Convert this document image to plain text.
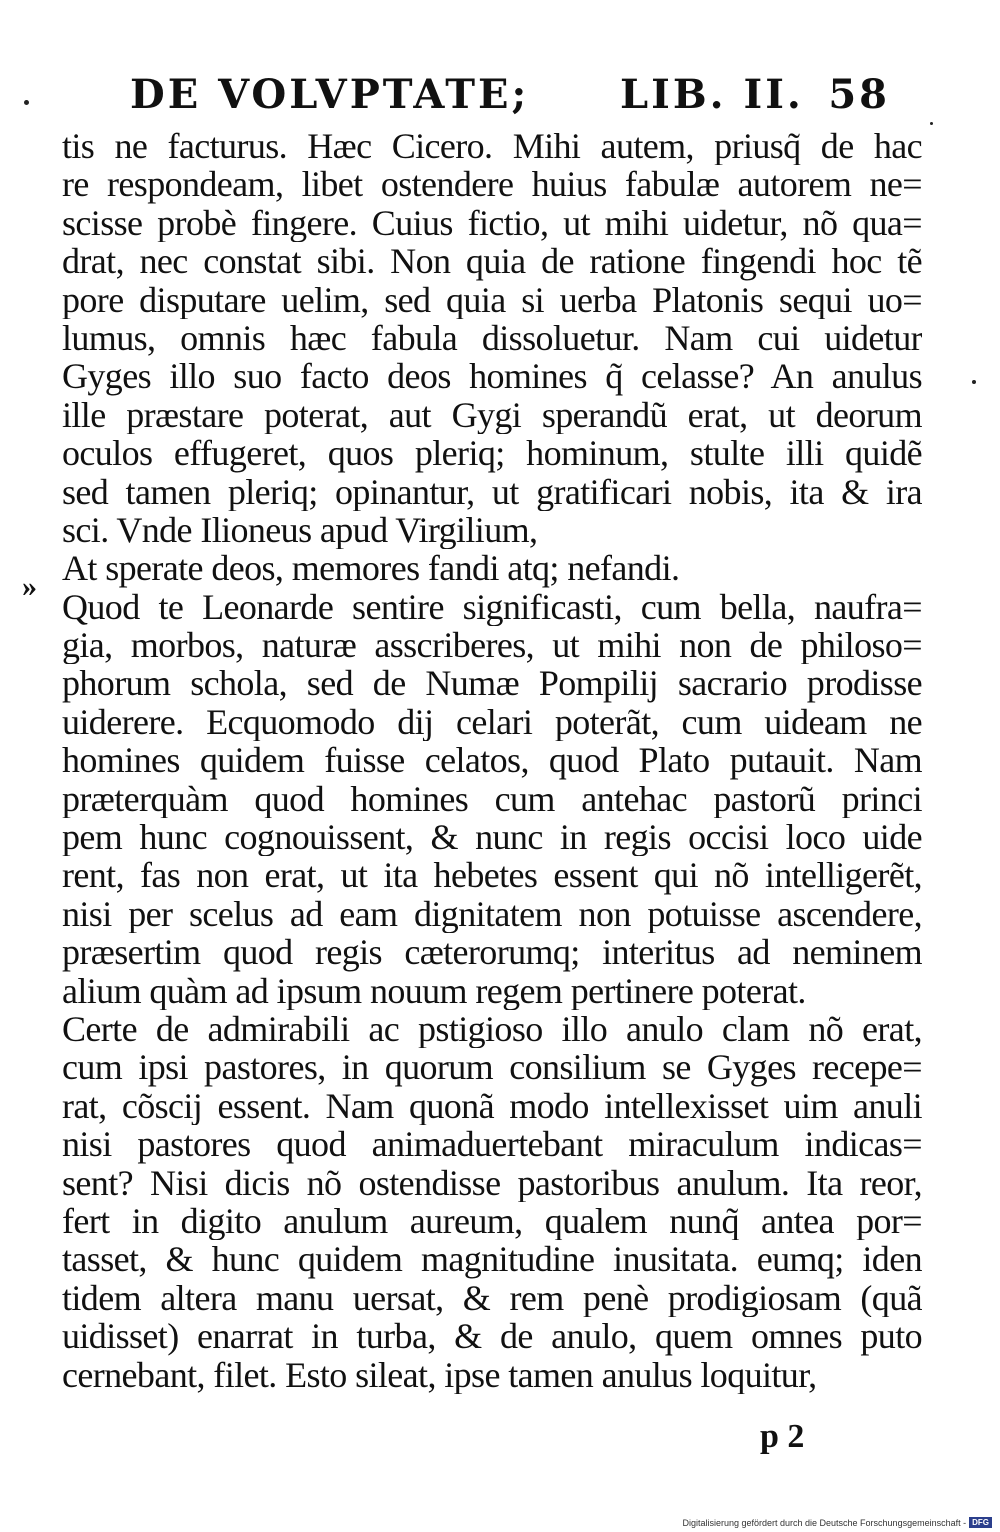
DE VOLVPTATE; LIB. II. 58
»
tis ne facturus. Hæc Cicero. Mihi autem, priusq̃ de hac
re respondeam, libet ostendere huius fabulæ autorem ne=
scisse probè fingere. Cuius fictio, ut mihi uidetur, nõ qua=
drat, nec constat sibi. Non quia de ratione fingendi hoc tẽ
pore disputare uelim, sed quia si uerba Platonis sequi uo=
lumus, omnis hæc fabula dissoluetur. Nam cui uidetur
Gyges illo suo facto deos homines q̃ celasse? An anulus
ille præstare poterat, aut Gygi sperandũ erat, ut deorum
oculos effugeret, quos pleriq; hominum, stulte illi quidẽ
sed tamen pleriq; opinantur, ut gratificari nobis, ita & ira
sci. Vnde Ilioneus apud Virgilium,
At sperate deos, memores fandi atq; nefandi.
Quod te Leonarde sentire significasti, cum bella, naufra=
gia, morbos, naturæ asscriberes, ut mihi non de philoso=
phorum schola, sed de Numæ Pompilij sacrario prodisse
uiderere. Ecquomodo dij celari poterãt, cum uideam ne
homines quidem fuisse celatos, quod Plato putauit. Nam
præterquàm quod homines cum antehac pastorũ princi
pem hunc cognouissent, & nunc in regis occisi loco uide
rent, fas non erat, ut ita hebetes essent qui nõ intelligerẽt,
nisi per scelus ad eam dignitatem non potuisse ascendere,
præsertim quod regis cæterorumq; interitus ad neminem
alium quàm ad ipsum nouum regem pertinere poterat.
Certe de admirabili ac pstigioso illo anulo clam nõ erat,
cum ipsi pastores, in quorum consilium se Gyges recepe=
rat, cõscij essent. Nam quonã modo intellexisset uim anuli
nisi pastores quod animaduertebant miraculum indicas=
sent? Nisi dicis nõ ostendisse pastoribus anulum. Ita reor,
fert in digito anulum aureum, qualem nunq̃ antea por=
tasset, & hunc quidem magnitudine inusitata. eumq; iden
tidem altera manu uersat, & rem penè prodigiosam (quã
uidisset) enarrat in turba, & de anulo, quem omnes puto
cernebant, filet. Esto sileat, ipse tamen anulus loquitur,
p 2
Digitalisierung gefördert durch die Deutsche Forschungsgemeinschaft - DFG
